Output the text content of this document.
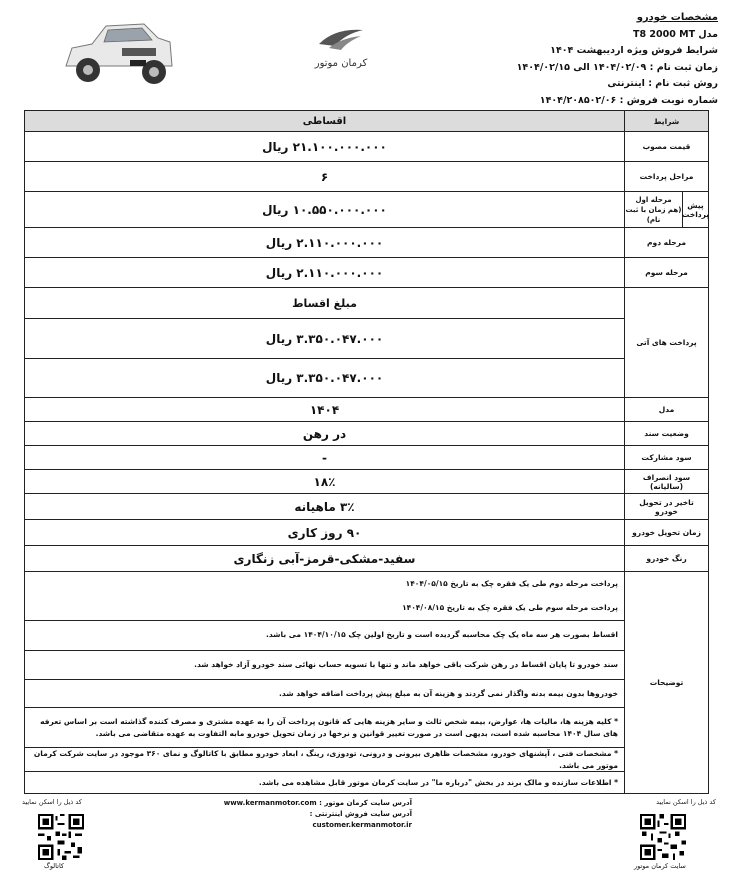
کرمان موتور
مشخصات خودرو
مدل T8 2000 MT
شرایط فروش ویژه اردیبهشت ۱۴۰۴
زمان ثبت نام : ۱۴۰۴/۰۲/۰۹ الی ۱۴۰۴/۰۲/۱۵
روش ثبت نام : اینترنتی
شماره نوبت فروش : ۱۴۰۴/۲۰۸۵۰۲/۰۶
شرایط
اقساطی
قیمت مصوب
۲۱.۱۰۰.۰۰۰.۰۰۰ ریال
مراحل پرداخت
۶
پیش پرداخت
مرحله اول
(هم زمان با ثبت نام)
۱۰.۵۵۰.۰۰۰.۰۰۰ ریال
مرحله دوم
۲.۱۱۰.۰۰۰.۰۰۰ ریال
مرحله سوم
۲.۱۱۰.۰۰۰.۰۰۰ ریال
پرداخت های آتی
مبلغ اقساط
۳.۳۵۰.۰۴۷.۰۰۰ ریال
۳.۳۵۰.۰۴۷.۰۰۰ ریال
مدل
۱۴۰۴
وضعیت سند
در رهن
سود مشارکت
-
سود انصراف (سالیانه)
۱۸٪
تاخیر در تحویل خودرو
۳٪ ماهیانه
زمان تحویل خودرو
۹۰ روز کاری
رنگ خودرو
سفید-مشکی-قرمز-آبی زنگاری
توضیحات
پرداخت مرحله دوم طی یک فقره چک به تاریخ ۱۴۰۴/۰۵/۱۵
پرداخت مرحله سوم طی یک فقره چک به تاریخ ۱۴۰۴/۰۸/۱۵
اقساط بصورت هر سه ماه یک چک محاسبه گردیده است و تاریخ اولین چک ۱۴۰۴/۱۰/۱۵ می باشد.
سند خودرو تا پایان اقساط در رهن شرکت باقی خواهد ماند و تنها با تسویه حساب نهائی سند خودرو آزاد خواهد شد.
خودروها بدون بیمه بدنه واگذار نمی گردند و هزینه آن به مبلغ پیش پرداخت اضافه خواهد شد.
* کلیه هزینه ها، مالیات ها، عوارض، بیمه شخص ثالث و سایر هزینه هایی که قانون پرداخت آن را به عهده مشتری و مصرف کننده گذاشته است بر اساس تعرفه های سال ۱۴۰۴ محاسبه شده است، بدیهی است در صورت تغییر قوانین و نرخها در زمان تحویل خودرو مابه التفاوت به عهده متقاضی می باشد.
* مشخصات فنی ، آپشنهای خودرو، مشخصات ظاهری بیرونی و درونی، تودوزی، رینگ ، ابعاد خودرو مطابق با کاتالوگ و نمای ۳۶۰ موجود در سایت شرکت کرمان موتور می باشد.
* اطلاعات سازنده و مالک برند در بخش "درباره ما" در سایت کرمان موتور قابل مشاهده می باشد.
کد ذیل را اسکن نمایید	کد ذیل را اسکن نمایید
آدرس سایت کرمان موتور : www.kermanmotor.com
آدرس سایت فروش اینترنتی : customer.kermanmotor.ir
کاتالوگ	سایت کرمان موتور
